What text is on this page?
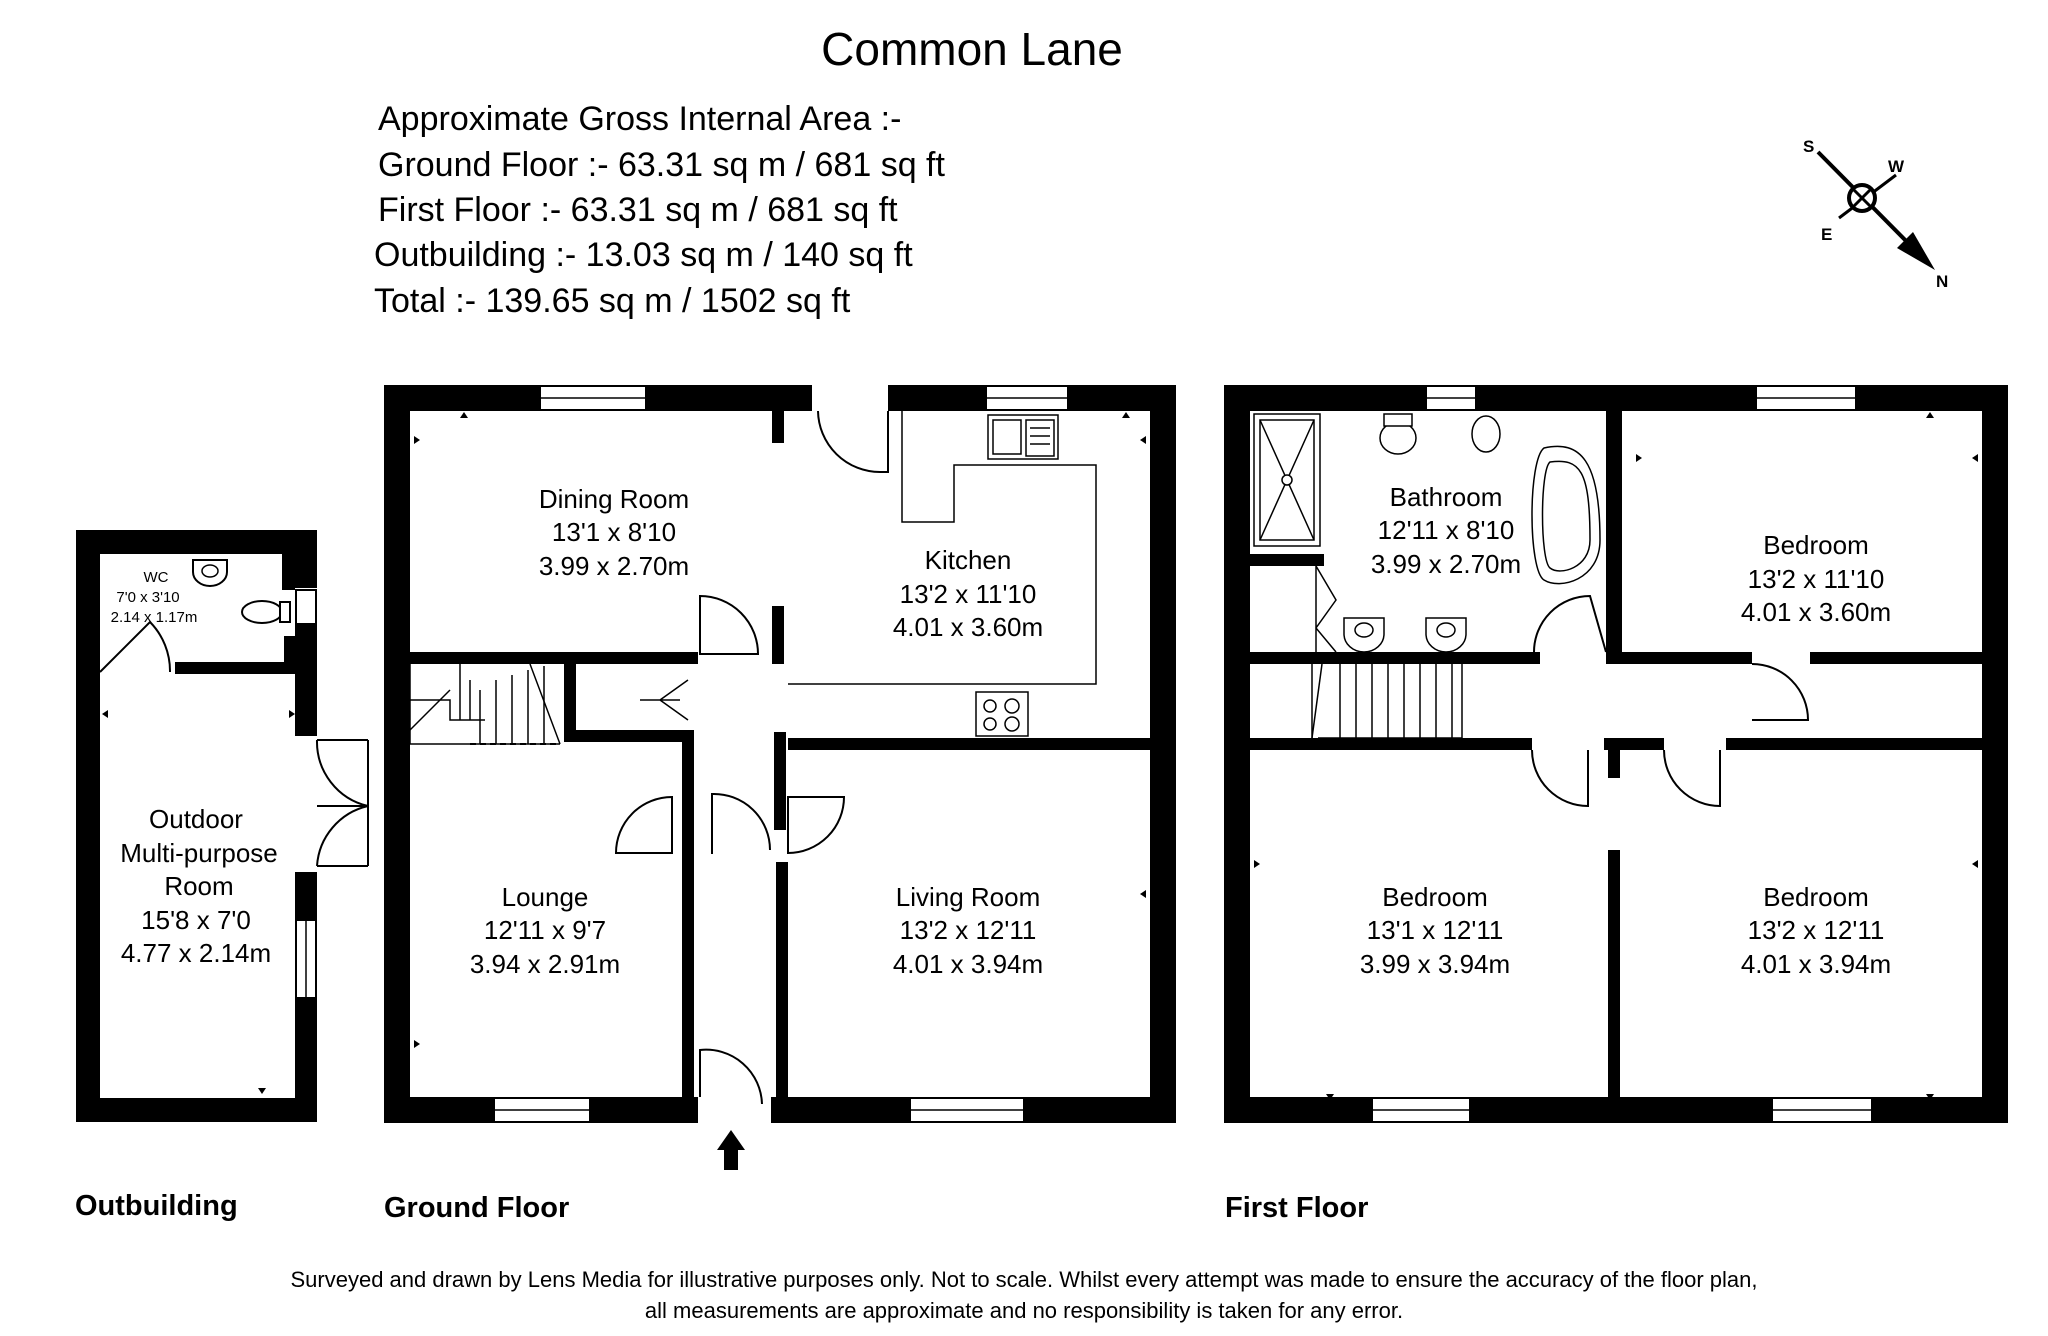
Common Lane
Approximate Gross Internal Area :-
Ground Floor :- 63.31 sq m / 681 sq ft
First Floor :- 63.31 sq m / 681 sq ft
Outbuilding :- 13.03 sq m / 140 sq ft
Total :- 139.65 sq m / 1502 sq ft
S
W
E
N
WC
7'0 x 3'10
2.14 x 1.17m
Outdoor
Multi-purpose
Room
15'8 x 7'0
4.77 x 2.14m
Dining Room
13'1 x 8'10
3.99 x 2.70m	Kitchen
13'2 x 11'10
4.01 x 3.60m
Lounge
12'11 x 9'7
3.94 x 2.91m
Living Room
13'2 x 12'11
4.01 x 3.94m
Bathroom
12'11 x 8'10
3.99 x 2.70m
Bedroom
13'2 x 11'10
4.01 x 3.60m
Bedroom
13'1 x 12'11
3.99 x 3.94m
Bedroom
13'2 x 12'11
4.01 x 3.94m
Outbuilding	Ground Floor	First Floor
Surveyed and drawn by Lens Media for illustrative purposes only. Not to scale. Whilst every attempt was made to ensure the accuracy of the floor plan,
all measurements are approximate and no responsibility is taken for any error.
